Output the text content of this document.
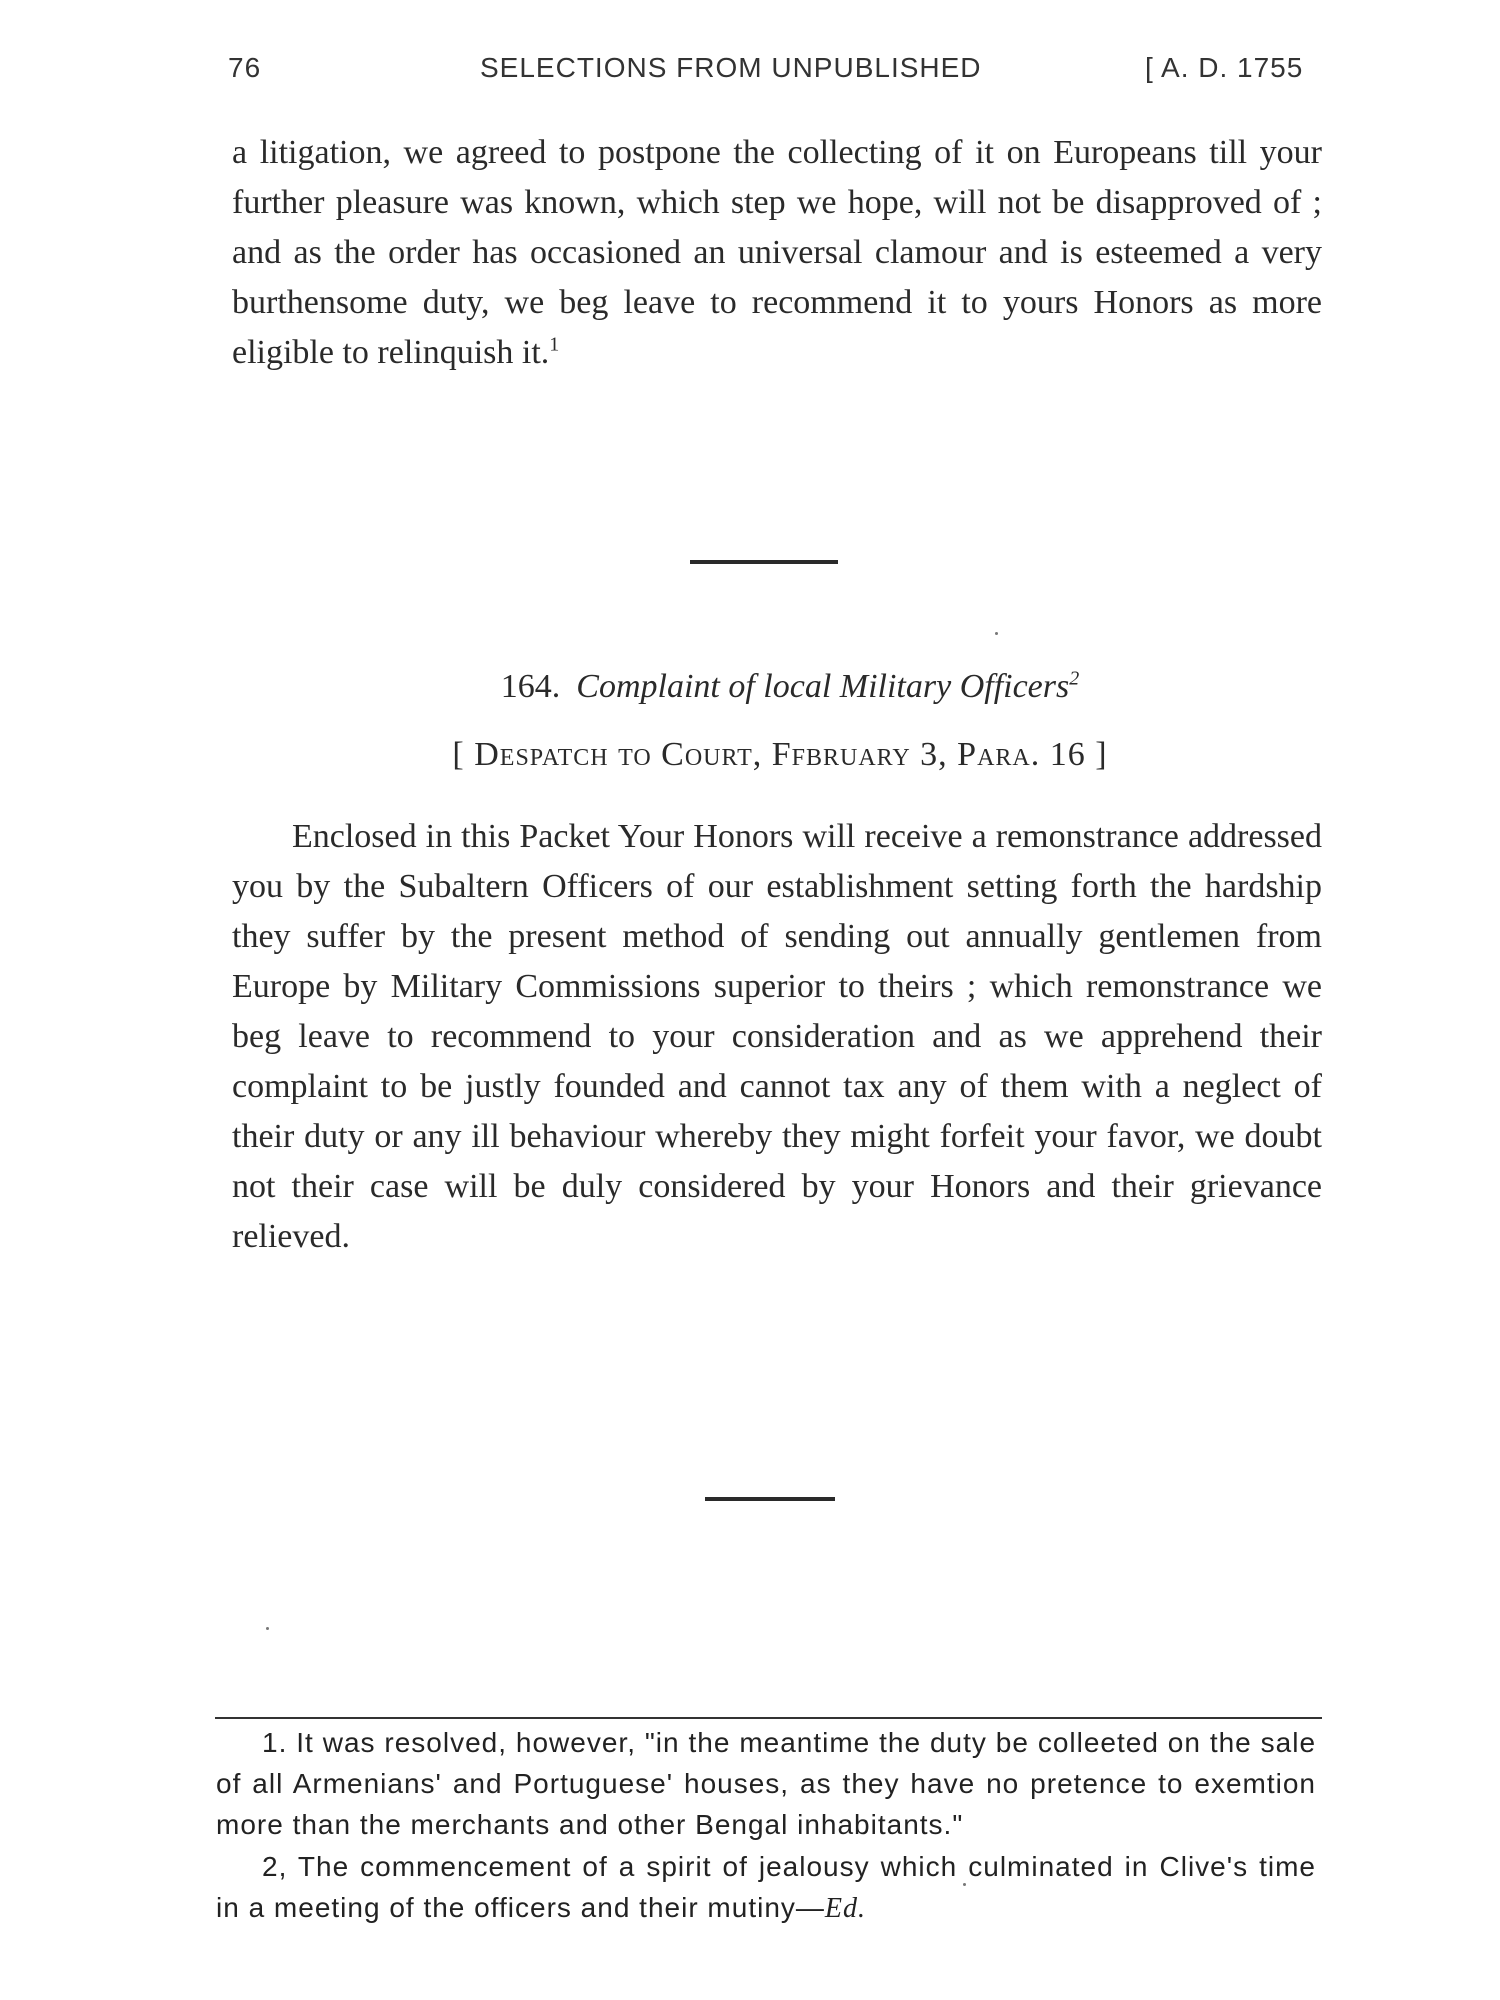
76	SELECTIONS FROM UNPUBLISHED	[ A. D. 1755

a litigation, we agreed to postpone the collecting of it on Europeans till your further pleasure was known, which step we hope, will not be disapproved of ; and as the order has occasioned an universal clamour and is esteemed a very burthensome duty, we beg leave to recommend it to yours Honors as more eligible to relinquish it.$^1$

164. Complaint of local Military Officers$^2$
[ Despatch to Court, Ffbruary 3, Para. 16 ]

Enclosed in this Packet Your Honors will receive a remonstrance addressed you by the Subaltern Officers of our establishment setting forth the hardship they suffer by the present method of sending out annually gentlemen from Europe by Military Commissions superior to theirs ; which remonstrance we beg leave to recommend to your consideration and as we apprehend their complaint to be justly founded and cannot tax any of them with a neglect of their duty or any ill behaviour whereby they might forfeit your favor, we doubt not their case will be duly considered by your Honors and their grievance relieved.

1. It was resolved, however, "in the meantime the duty be colleeted on the sale of all Armenians' and Portuguese' houses, as they have no pretence to exemtion more than the merchants and other Bengal inhabitants."

2, The commencement of a spirit of jealousy which culminated in Clive's time in a meeting of the officers and their mutiny—Ed.
